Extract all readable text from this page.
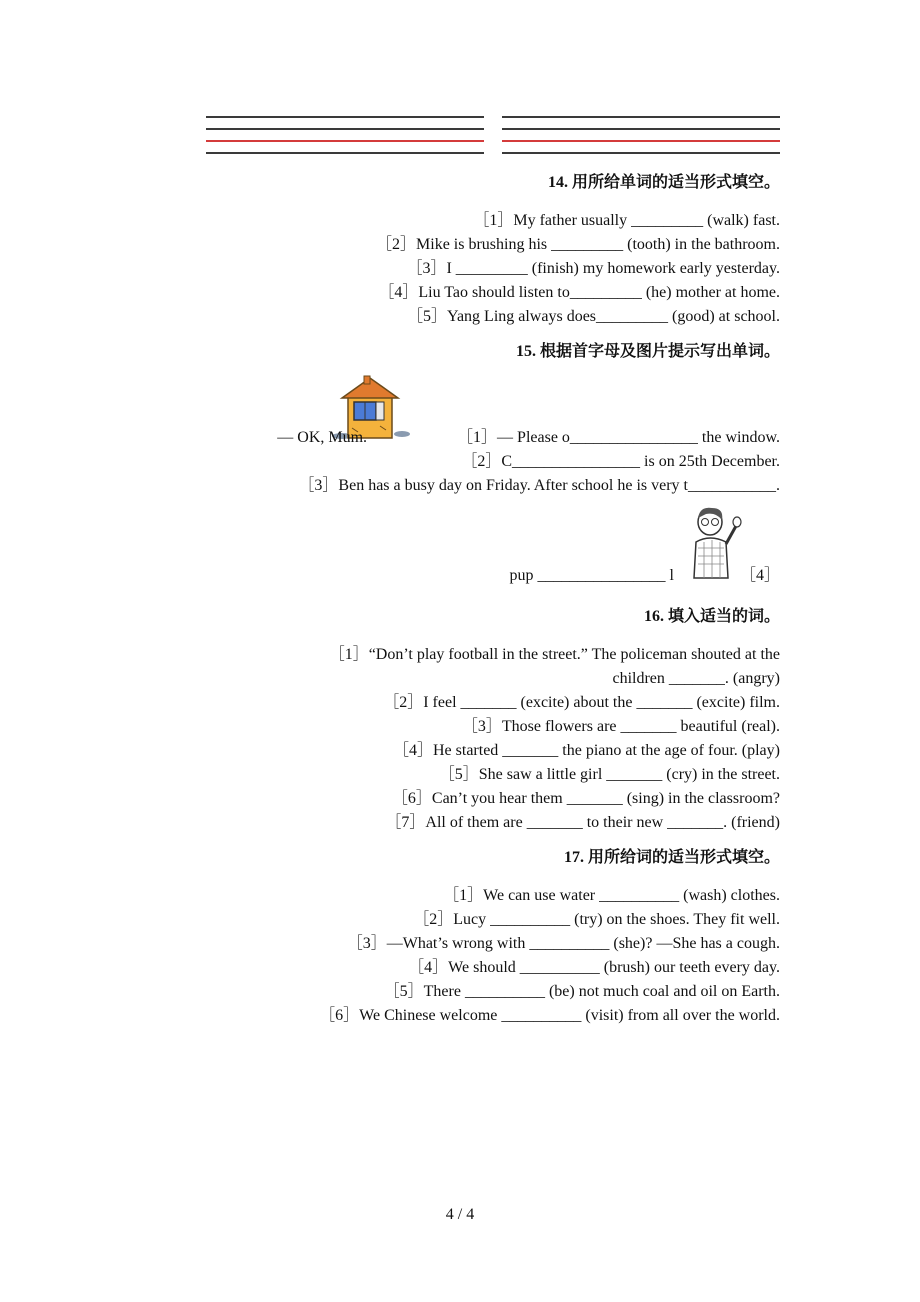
14. 用所给单词的适当形式填空。
［1］My father usually _________ (walk) fast.
［2］Mike is brushing his _________ (tooth) in the bathroom.
［3］I _________ (finish) my homework early yesterday.
［4］Liu Tao should listen to_________ (he) mother at home.
［5］Yang Ling always does_________ (good) at school.
15. 根据首字母及图片提示写出单词。
— OK, Mum.	［1］— Please o________________ the window.
［2］C________________ is on 25th December.
［3］Ben has a busy day on Friday. After school he is very t___________.
pup ________________ l	［4］
16. 填入适当的词。
［1］“Don’t play football in the street.” The policeman shouted at the
children _______. (angry)
［2］I feel _______ (excite) about the _______ (excite) film.
［3］Those flowers are _______ beautiful (real).
［4］He started _______ the piano at the age of four. (play)
［5］She saw a little girl _______ (cry) in the street.
［6］Can’t you hear them _______ (sing) in the classroom?
［7］All of them are _______ to their new _______. (friend)
17. 用所给词的适当形式填空。
［1］We can use water __________ (wash) clothes.
［2］Lucy __________ (try) on the shoes. They fit well.
［3］—What’s wrong with __________ (she)? —She has a cough.
［4］We should __________ (brush) our teeth every day.
［5］There __________ (be) not much coal and oil on Earth.
［6］We Chinese welcome __________ (visit) from all over the world.
4 / 4
